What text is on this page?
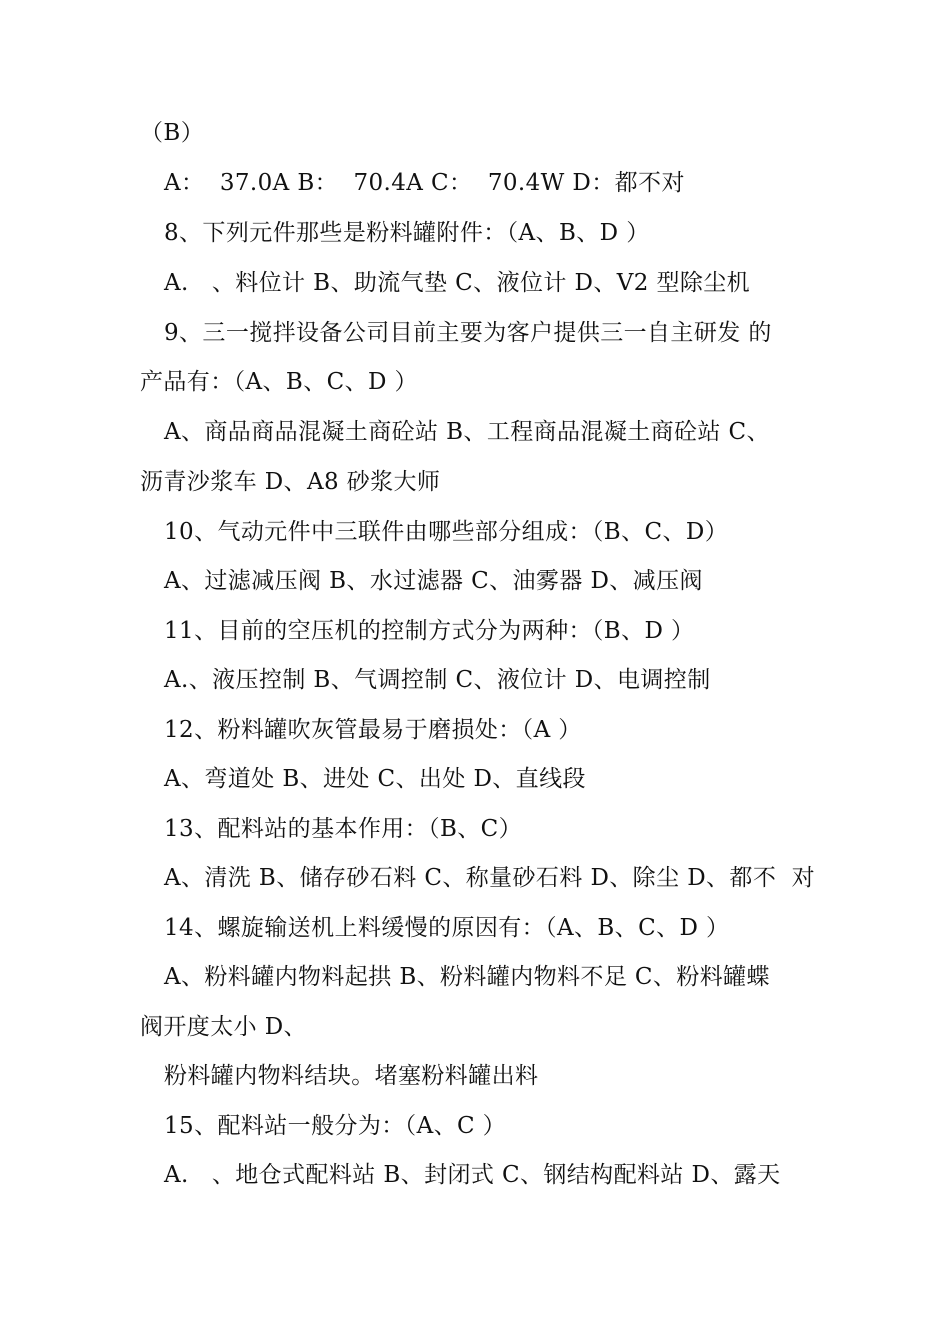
（B）
A：  37.0A B：  70.4A C：  70.4W D：都不对
8、下列元件那些是粉料罐附件：（A、B、D ）
A.   、料位计 B、助流气垫 C、液位计 D、V2 型除尘机
9、三一搅拌设备公司目前主要为客户提供三一自主研发 的
产品有：（A、B、C、D ）
A、商品商品混凝土商砼站 B、工程商品混凝土商砼站 C、
沥青沙浆车 D、A8 砂浆大师
10、气动元件中三联件由哪些部分组成：（B、C、D）
A、过滤减压阀 B、水过滤器 C、油雾器 D、减压阀
11、目前的空压机的控制方式分为两种：（B、D ）
A.、液压控制 B、气调控制 C、液位计 D、电调控制
12、粉料罐吹灰管最易于磨损处：（A ）
A、弯道处 B、进处 C、出处 D、直线段
13、配料站的基本作用：（B、C）
A、清洗 B、储存砂石料 C、称量砂石料 D、除尘 D、都不  对
14、螺旋输送机上料缓慢的原因有：（A、B、C、D ）
A、粉料罐内物料起拱 B、粉料罐内物料不足 C、粉料罐蝶
阀开度太小 D、
粉料罐内物料结块。堵塞粉料罐出料
15、配料站一般分为：（A、C ）
A.   、地仓式配料站 B、封闭式 C、钢结构配料站 D、露天
